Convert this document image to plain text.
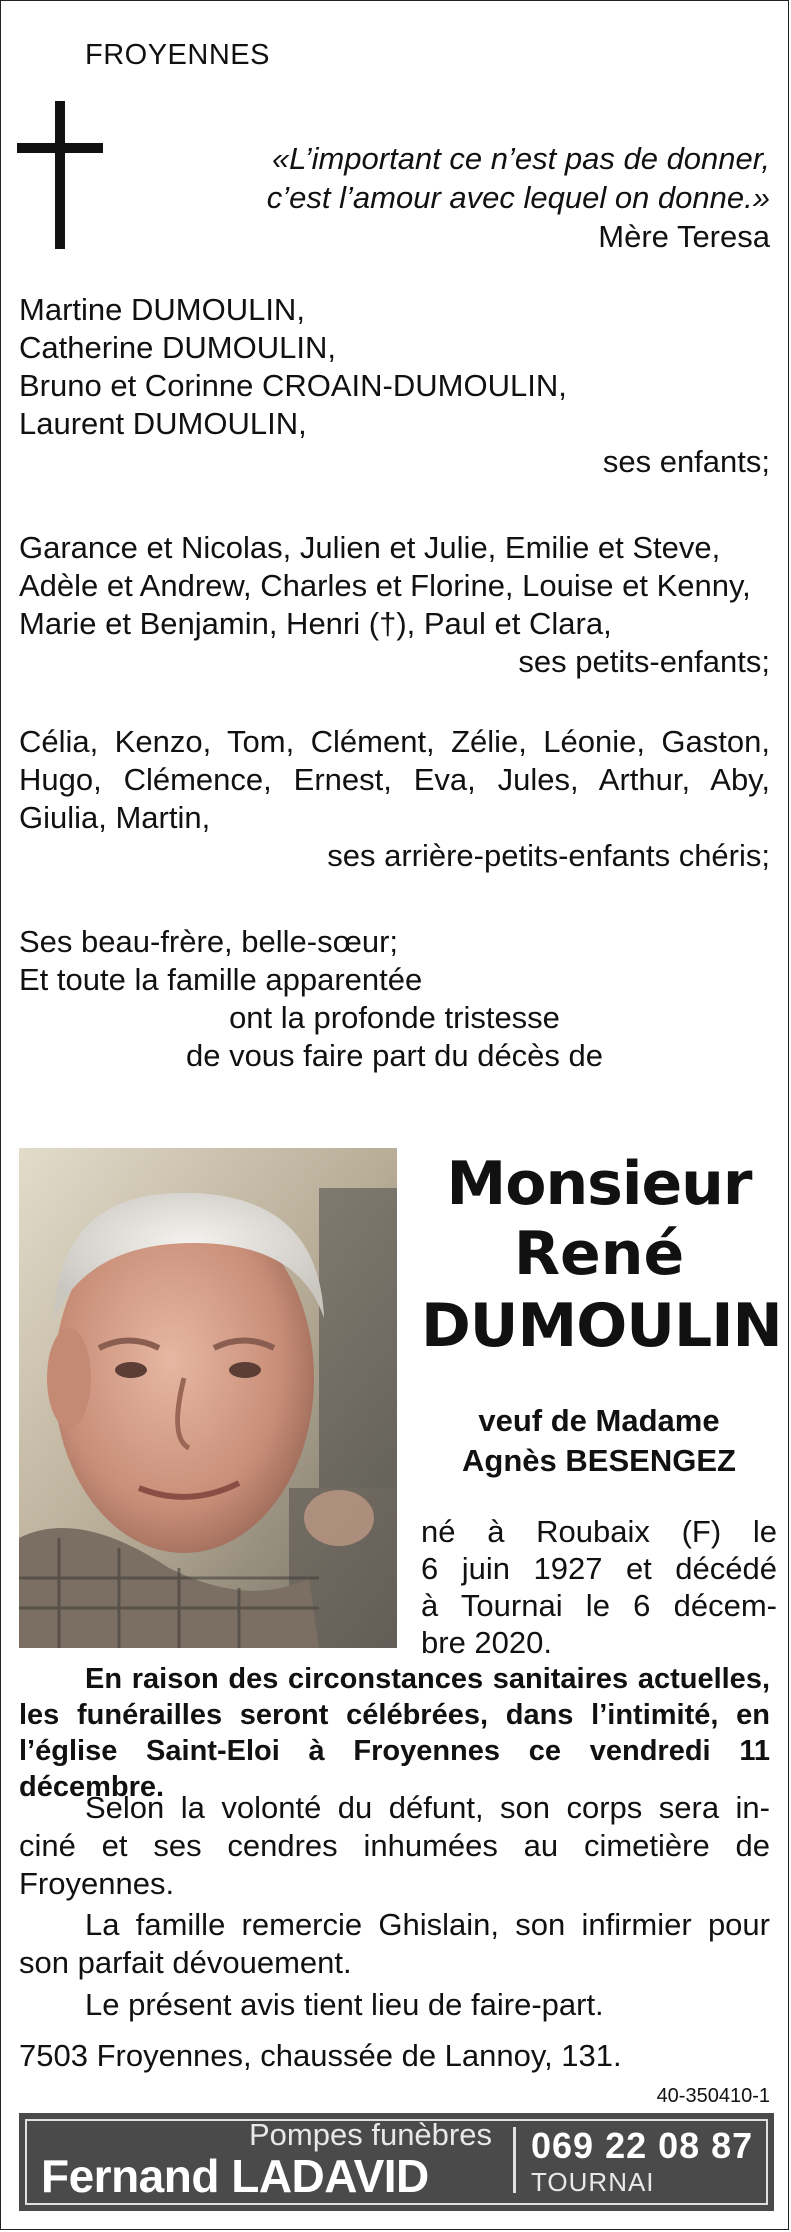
FROYENNES
«L’important ce n’est pas de donner,
c’est l’amour avec lequel on donne.»
Mère Teresa
Martine DUMOULIN,
Catherine DUMOULIN,
Bruno et Corinne CROAIN-DUMOULIN,
Laurent DUMOULIN,
ses enfants;
Garance et Nicolas, Julien et Julie, Emilie et Steve,
Adèle et Andrew, Charles et Florine, Louise et Kenny,
Marie et Benjamin, Henri (†), Paul et Clara,
ses petits-enfants;
Célia, Kenzo, Tom, Clément, Zélie, Léonie, Gaston,
Hugo, Clémence, Ernest, Eva, Jules, Arthur, Aby,
Giulia, Martin,
ses arrière-petits-enfants chéris;
Ses beau-frère, belle-sœur;
Et toute la famille apparentée
ont la profonde tristesse
de vous faire part du décès de
Monsieur
René
DUMOULIN
veuf de Madame
Agnès BESENGEZ
né à Roubaix (F) le
6 juin 1927 et décédé
à Tournai le 6 décem-
bre 2020.
En raison des circonstances sanitaires actuelles,
les funérailles seront célébrées, dans l’intimité, en
l’église Saint-Eloi à Froyennes ce vendredi 11 décembre.
Selon la volonté du défunt, son corps sera in-
ciné et ses cendres inhumées au cimetière de
Froyennes.
La famille remercie Ghislain, son infirmier pour
son parfait dévouement.
Le présent avis tient lieu de faire-part.
7503 Froyennes, chaussée de Lannoy, 131.
40-350410-1
Pompes funèbres
Fernand LADAVID
069 22 08 87
TOURNAI
